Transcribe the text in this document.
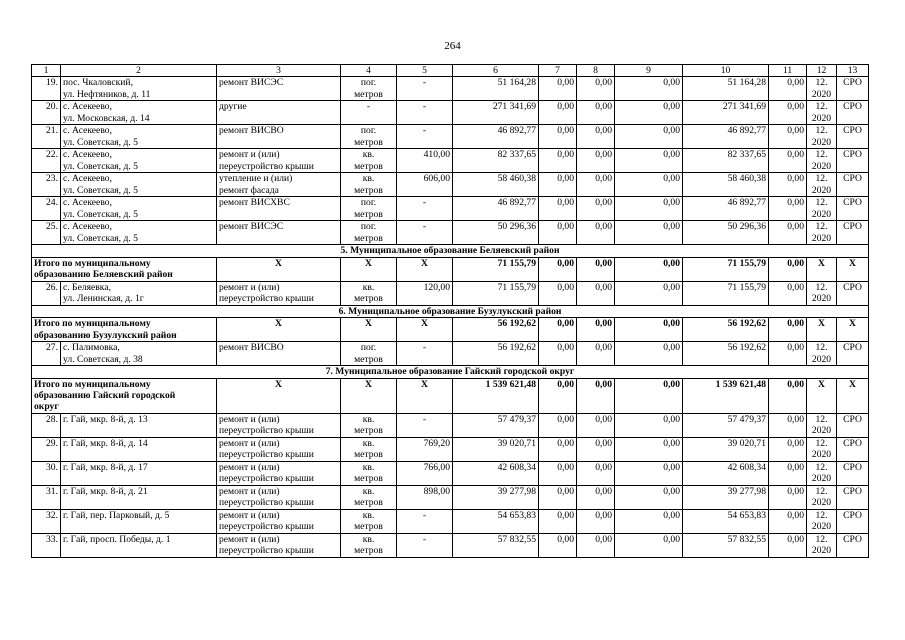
264
1	2	3	4	5	6	7	8	9	10	11	12	13
19.	пос. Чкаловский,
ул. Нефтяников, д. 11	ремонт ВИСЭС	пог.
метров	-	51 164,28	0,00	0,00	0,00	51 164,28	0,00	12.
2020	СРО
20.	с. Асекеево,
ул. Московская, д. 14	другие	-	-	271 341,69	0,00	0,00	0,00	271 341,69	0,00	12.
2020	СРО
21.	с. Асекеево,
ул. Советская, д. 5	ремонт ВИСВО	пог.
метров	-	46 892,77	0,00	0,00	0,00	46 892,77	0,00	12.
2020	СРО
22.	с. Асекеево,
ул. Советская, д. 5	ремонт и (или)
переустройство крыши	кв.
метров	410,00	82 337,65	0,00	0,00	0,00	82 337,65	0,00	12.
2020	СРО
23.	с. Асекеево,
ул. Советская, д. 5	утепление и (или)
ремонт фасада	кв.
метров	606,00	58 460,38	0,00	0,00	0,00	58 460,38	0,00	12.
2020	СРО
24.	с. Асекеево,
ул. Советская, д. 5	ремонт ВИСХВС	пог.
метров	-	46 892,77	0,00	0,00	0,00	46 892,77	0,00	12.
2020	СРО
25.	с. Асекеево,
ул. Советская, д. 5	ремонт ВИСЭС	пог.
метров	-	50 296,36	0,00	0,00	0,00	50 296,36	0,00	12.
2020	СРО
5. Муниципальное образование Беляевский район												

Итого по муниципальному
образованию Беляевский район		Х	Х	Х	71 155,79	0,00	0,00	0,00	71 155,79	0,00	Х	Х
26.	с. Беляевка,
ул. Ленинская, д. 1г	ремонт и (или)
переустройство крыши	кв.
метров	120,00	71 155,79	0,00	0,00	0,00	71 155,79	0,00	12.
2020	СРО
6. Муниципальное образование Бузулукский район												

Итого по муниципальному
образованию Бузулукский район		Х	Х	Х	56 192,62	0,00	0,00	0,00	56 192,62	0,00	Х	Х
27.	с. Палимовка,
ул. Советская, д. 38	ремонт ВИСВО	пог.
метров	-	56 192,62	0,00	0,00	0,00	56 192,62	0,00	12.
2020	СРО
7. Муниципальное образование Гайский городской округ												

Итого по муниципальному
образованию Гайский городской
округ		Х	Х	Х	1 539 621,48	0,00	0,00	0,00	1 539 621,48	0,00	Х	Х
28.	г. Гай, мкр. 8-й, д. 13	ремонт и (или)
переустройство крыши	кв.
метров	-	57 479,37	0,00	0,00	0,00	57 479,37	0,00	12.
2020	СРО
29.	г. Гай, мкр. 8-й, д. 14	ремонт и (или)
переустройство крыши	кв.
метров	769,20	39 020,71	0,00	0,00	0,00	39 020,71	0,00	12.
2020	СРО
30.	г. Гай, мкр. 8-й, д. 17	ремонт и (или)
переустройство крыши	кв.
метров	766,00	42 608,34	0,00	0,00	0,00	42 608,34	0,00	12.
2020	СРО
31.	г. Гай, мкр. 8-й, д. 21	ремонт и (или)
переустройство крыши	кв.
метров	898,00	39 277,98	0,00	0,00	0,00	39 277,98	0,00	12.
2020	СРО
32.	г. Гай, пер. Парковый, д. 5	ремонт и (или)
переустройство крыши	кв.
метров	-	54 653,83	0,00	0,00	0,00	54 653,83	0,00	12.
2020	СРО
33.	г. Гай, просп. Победы, д. 1	ремонт и (или)
переустройство крыши	кв.
метров	-	57 832,55	0,00	0,00	0,00	57 832,55	0,00	12.
2020	СРО
